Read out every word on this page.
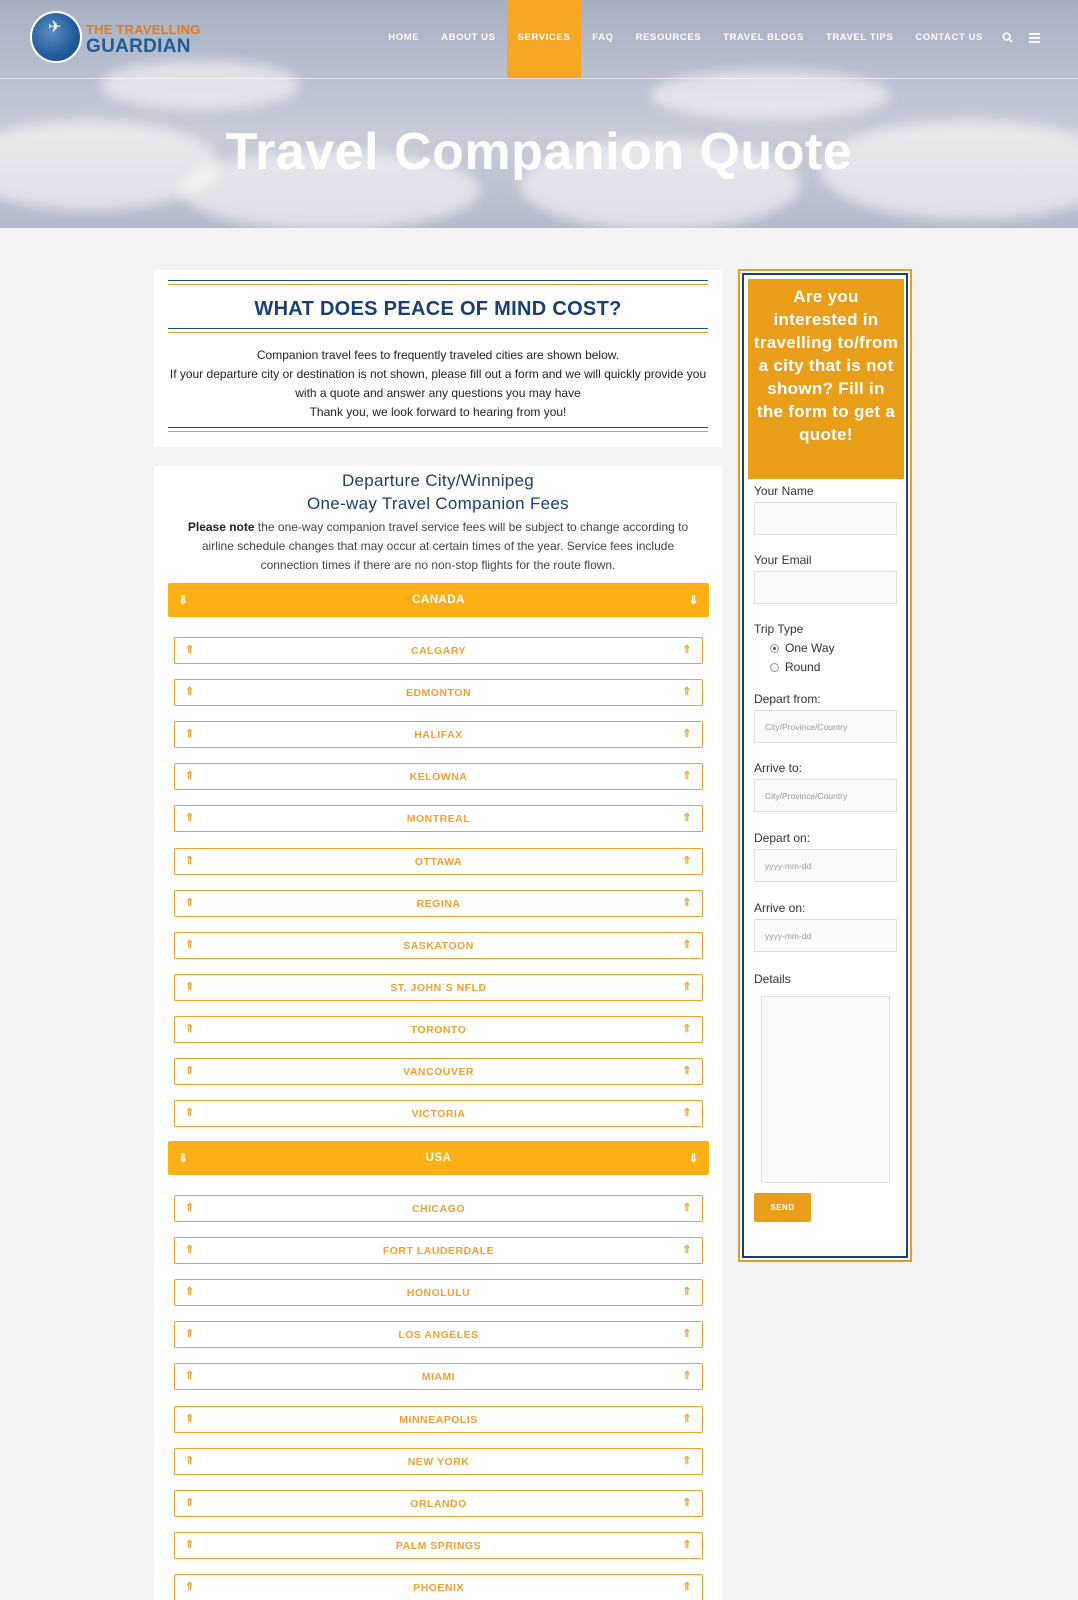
✈
THE TRAVELLING
GUARDIAN	HOME	ABOUT US	SERVICES	FAQ	RESOURCES	TRAVEL BLOGS	TRAVEL TIPS	CONTACT US
Travel Companion Quote
WHAT DOES PEACE OF MIND COST?

Companion travel fees to frequently traveled cities are shown below.
If your departure city or destination is not shown, please fill out a form and we will quickly provide you with a quote and answer any questions you may have
Thank you, we look forward to hearing from you!

Departure City/Winnipeg
One-way Travel Companion Fees
Please note the one-way companion travel service fees will be subject to change according to airline schedule changes that may occur at certain times of the year. Service fees include connection times if there are no non-stop flights for the route flown.
⇓	CANADA	⇓
⇑	CALGARY	⇑
⇑	EDMONTON	⇑
⇑	HALIFAX	⇑
⇑	KELOWNA	⇑
⇑	MONTREAL	⇑
⇑	OTTAWA	⇑
⇑	REGINA	⇑
⇑	SASKATOON	⇑
⇑	ST. JOHN`S NFLD	⇑
⇑	TORONTO	⇑
⇑	VANCOUVER	⇑
⇑	VICTORIA	⇑
⇓	USA	⇓
⇑	CHICAGO	⇑
⇑	FORT LAUDERDALE	⇑
⇑	HONOLULU	⇑
⇑	LOS ANGELES	⇑
⇑	MIAMI	⇑
⇑	MINNEAPOLIS	⇑
⇑	NEW YORK	⇑
⇑	ORLANDO	⇑
⇑	PALM SPRINGS	⇑
⇑	PHOENIX	⇑
Are you interested in travelling to/from a city that is not shown? Fill in the form to get a quote!
Your Name
Your Email
Trip Type
One Way
Round
Depart from:
City/Province/Country
Arrive to:
City/Province/Country
Depart on:
yyyy-mm-dd
Arrive on:
yyyy-mm-dd
Details
SEND
